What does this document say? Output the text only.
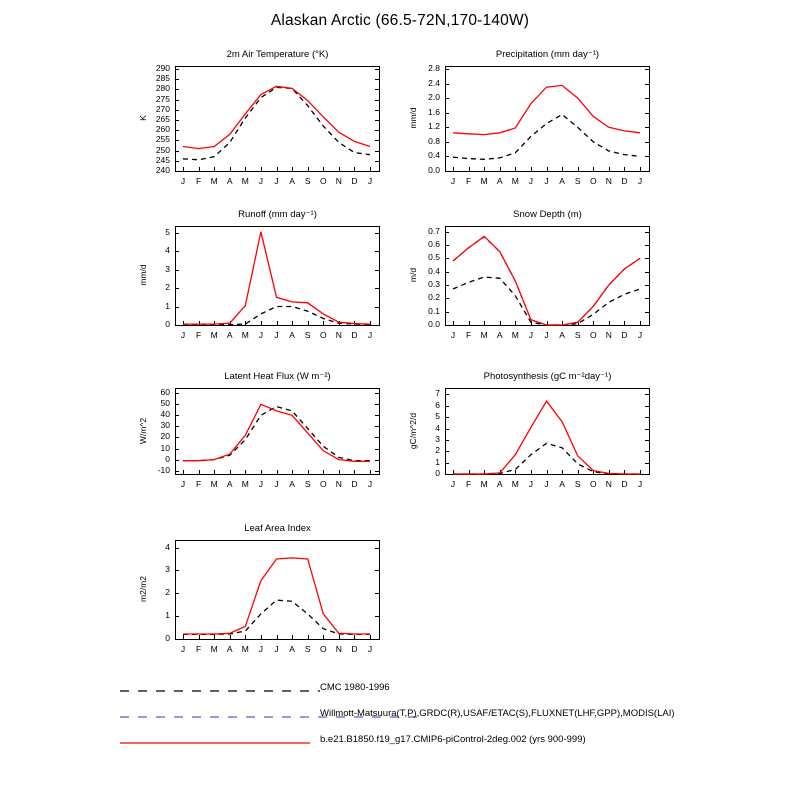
Alaskan Arctic (66.5-72N,170-140W)
2m Air Temperature (°K)
240
245
250
255
260
265
270
275
280
285
290
J	F	M	A	M	J	J	A	S	O	N	D	J
K
Precipitation (mm day⁻¹)
0.0
0.4
0.8
1.2
1.6
2.0
2.4
2.8
J	F	M	A	M	J	J	A	S	O	N	D	J
mm/d
Runoff (mm day⁻¹)
0
1
2
3
4
5
J	F	M	A	M	J	J	A	S	O	N	D	J
mm/d
Snow Depth (m)
0.0
0.1
0.2
0.3
0.4
0.5
0.6
0.7
J	F	M	A	M	J	J	A	S	O	N	D	J
m/d
Latent Heat Flux (W m⁻²)
-10
0
10
20
30
40
50
60
J	F	M	A	M	J	J	A	S	O	N	D	J
W/m^2
Photosynthesis (gC m⁻²day⁻¹)
0
1
2
3
4
5
6
7
J	F	M	A	M	J	J	A	S	O	N	D	J
gC/m^2/d
Leaf Area Index
0
1
2
3
4
J	F	M	A	M	J	J	A	S	O	N	D	J
m2/m2
CMC 1980-1996
Willmott-Matsuura(T,P),GRDC(R),USAF/ETAC(S),FLUXNET(LHF,GPP),MODIS(LAI)
b.e21.B1850.f19_g17.CMIP6-piControl-2deg.002 (yrs 900-999)
